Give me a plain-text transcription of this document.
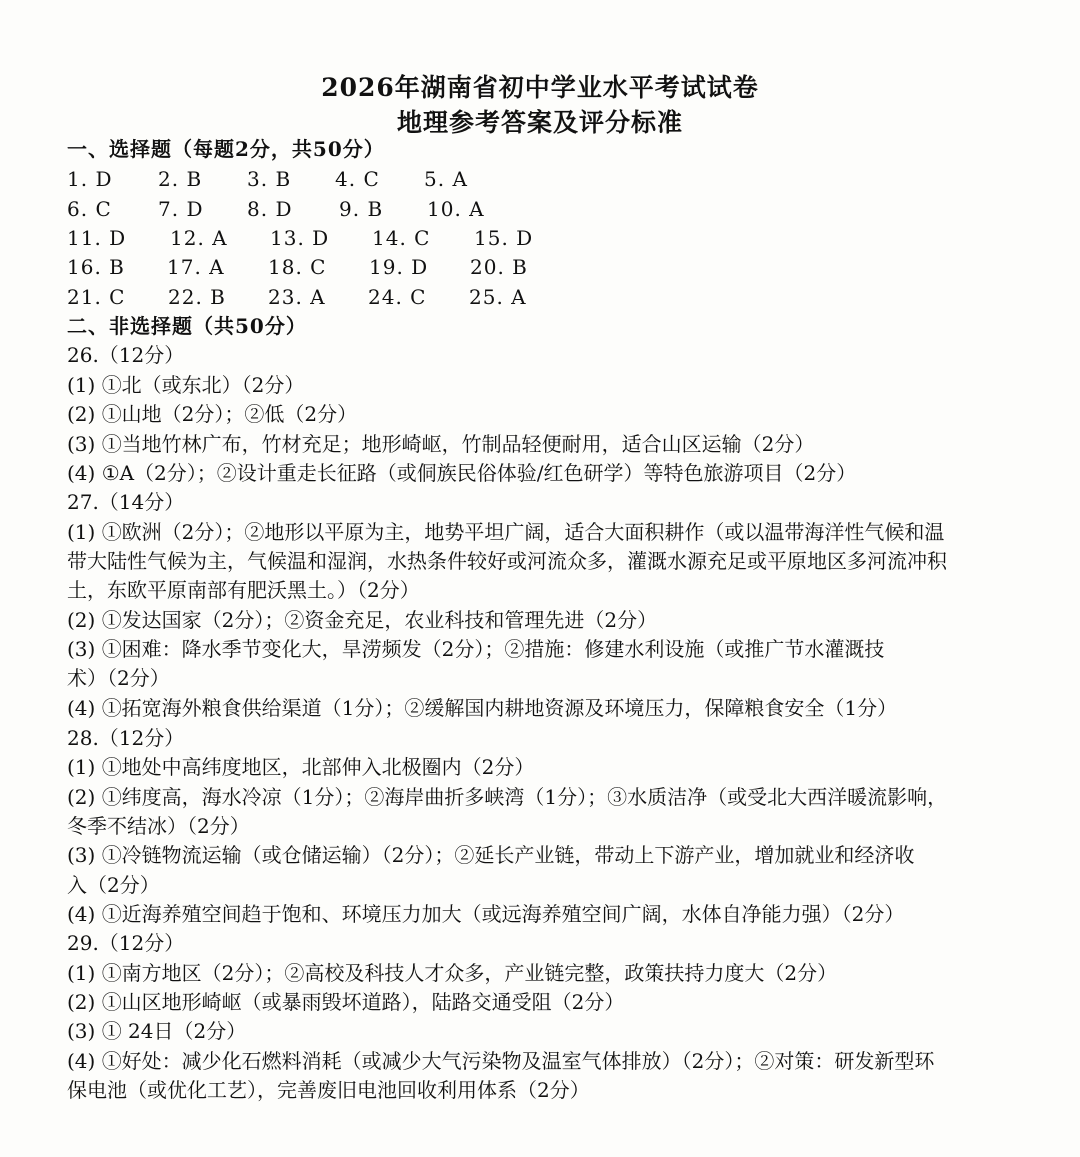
2026年湖南省初中学业水平考试试卷
地理参考答案及评分标准
一、选择题（每题2分，共50分）
1. D 2. B 3. B 4. C 5. A
6. C 7. D 8. D 9. B 10. A
11. D 12. A 13. D 14. C 15. D
16. B 17. A 18. C 19. D 20. B
21. C 22. B 23. A 24. C 25. A
二、非选择题（共50分）
26.（12分）
(1) ①北（或东北）（2分）
(2) ①山地（2分）；②低（2分）
(3) ①当地竹林广布，竹材充足；地形崎岖，竹制品轻便耐用，适合山区运输（2分）
(4) ①A（2分）；②设计重走长征路（或侗族民俗体验/红色研学）等特色旅游项目（2分）
27.（14分）
(1) ①欧洲（2分）；②地形以平原为主，地势平坦广阔，适合大面积耕作（或以温带海洋性气候和温
带大陆性气候为主，气候温和湿润，水热条件较好或河流众多，灌溉水源充足或平原地区多河流冲积
土，东欧平原南部有肥沃黑土。）（2分）
(2) ①发达国家（2分）；②资金充足，农业科技和管理先进（2分）
(3) ①困难：降水季节变化大，旱涝频发（2分）；②措施：修建水利设施（或推广节水灌溉技
术）（2分）
(4) ①拓宽海外粮食供给渠道（1分）；②缓解国内耕地资源及环境压力，保障粮食安全（1分）
28.（12分）
(1) ①地处中高纬度地区，北部伸入北极圈内（2分）
(2) ①纬度高，海水冷凉（1分）；②海岸曲折多峡湾（1分）；③水质洁净（或受北大西洋暖流影响，
冬季不结冰）（2分）
(3) ①冷链物流运输（或仓储运输）（2分）；②延长产业链，带动上下游产业，增加就业和经济收
入（2分）
(4) ①近海养殖空间趋于饱和、环境压力加大（或远海养殖空间广阔，水体自净能力强）（2分）
29.（12分）
(1) ①南方地区（2分）；②高校及科技人才众多，产业链完整，政策扶持力度大（2分）
(2) ①山区地形崎岖（或暴雨毁坏道路），陆路交通受阻（2分）
(3) ① 24日（2分）
(4) ①好处：减少化石燃料消耗（或减少大气污染物及温室气体排放）（2分）；②对策：研发新型环
保电池（或优化工艺），完善废旧电池回收利用体系（2分）
